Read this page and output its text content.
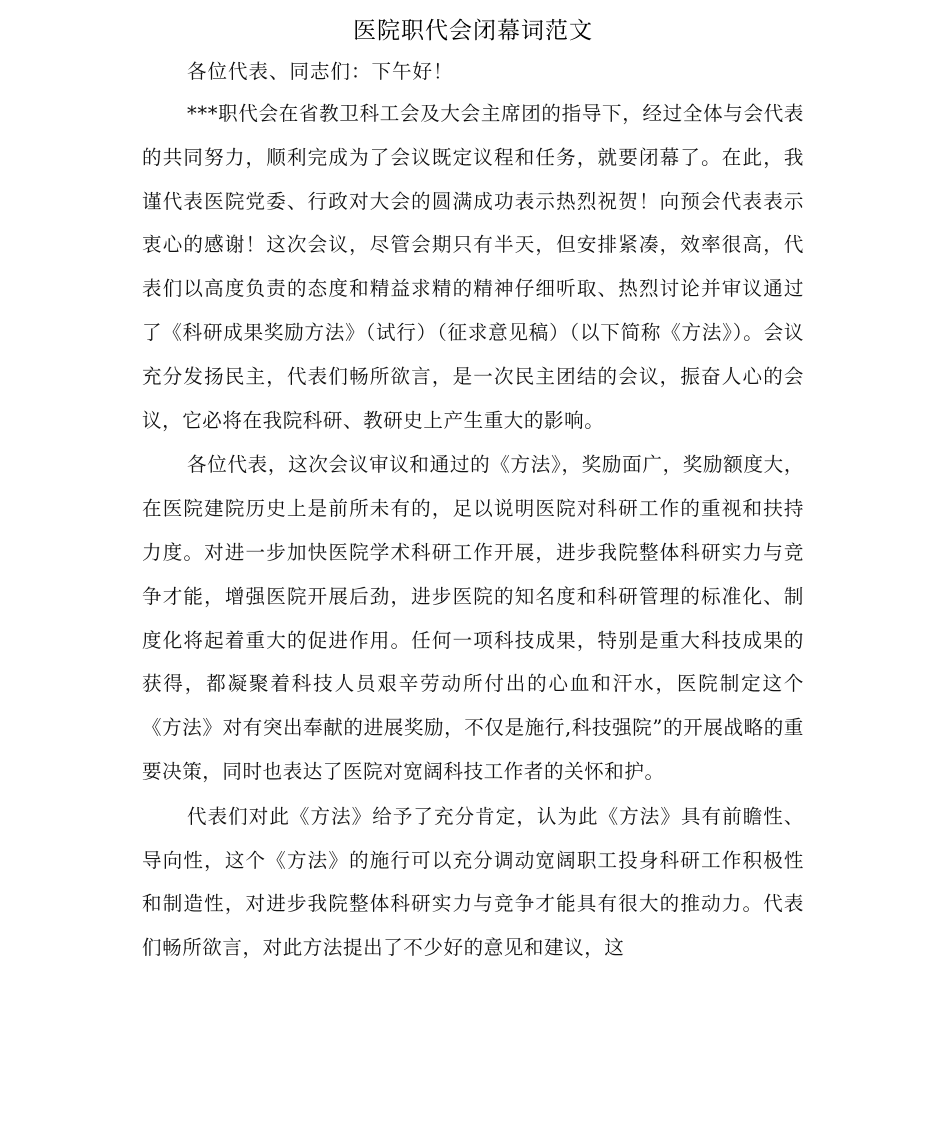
医院职代会闭幕词范文

各位代表、同志们：下午好！

***职代会在省教卫科工会及大会主席团的指导下，经过全体与会代表的共同努力，顺利完成为了会议既定议程和任务，就要闭幕了。在此，我谨代表医院党委、行政对大会的圆满成功表示热烈祝贺！向预会代表表示衷心的感谢！这次会议，尽管会期只有半天，但安排紧凑，效率很高，代表们以高度负责的态度和精益求精的精神仔细听取、热烈讨论并审议通过了《科研成果奖励方法》（试行）（征求意见稿）（以下简称《方法》）。会议充分发扬民主，代表们畅所欲言，是一次民主团结的会议，振奋人心的会议，它必将在我院科研、教研史上产生重大的影响。

各位代表，这次会议审议和通过的《方法》，奖励面广，奖励额度大，在医院建院历史上是前所未有的，足以说明医院对科研工作的重视和扶持力度。对进一步加快医院学术科研工作开展，进步我院整体科研实力与竞争才能，增强医院开展后劲，进步医院的知名度和科研管理的标准化、制度化将起着重大的促进作用。任何一项科技成果，特别是重大科技成果的获得，都凝聚着科技人员艰辛劳动所付出的心血和汗水，医院制定这个《方法》对有突出奉献的进展奖励，不仅是施行,科技强院”的开展战略的重要决策，同时也表达了医院对宽阔科技工作者的关怀和护。

代表们对此《方法》给予了充分肯定，认为此《方法》具有前瞻性、导向性，这个《方法》的施行可以充分调动宽阔职工投身科研工作积极性和制造性，对进步我院整体科研实力与竞争才能具有很大的推动力。代表们畅所欲言，对此方法提出了不少好的意见和建议，这
